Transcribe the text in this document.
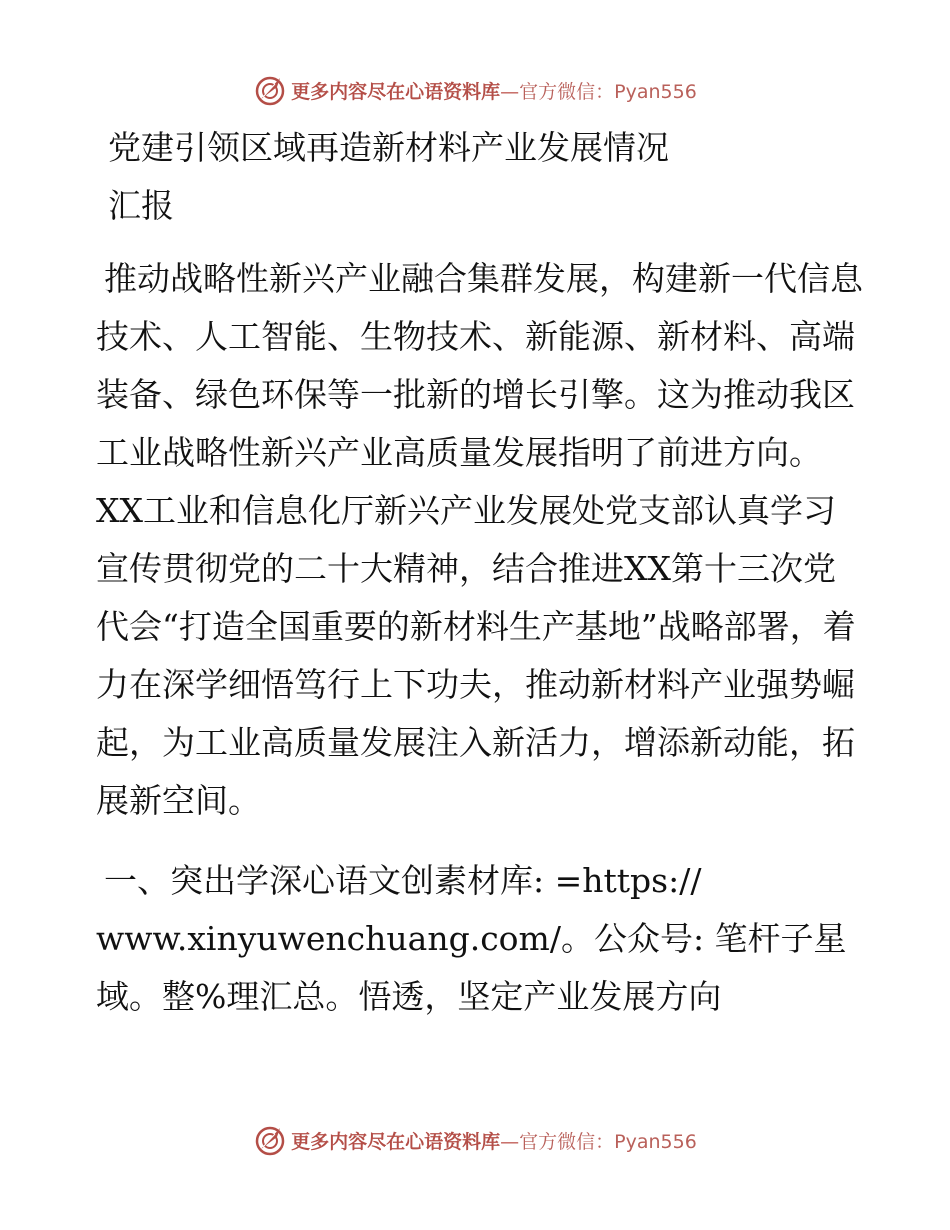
更多内容尽在心语资料库—官方微信：Pyan556
党建引领区域再造新材料产业发展情况
汇报

推动战略性新兴产业融合集群发展，构建新一代信息技术、人工智能、生物技术、新能源、新材料、高端装备、绿色环保等一批新的增长引擎。这为推动我区工业战略性新兴产业高质量发展指明了前进方向。XX工业和信息化厅新兴产业发展处党支部认真学习宣传贯彻党的二十大精神，结合推进XX第十三次党代会“打造全国重要的新材料生产基地”战略部署，着力在深学细悟笃行上下功夫，推动新材料产业强势崛起，为工业高质量发展注入新活力，增添新动能，拓展新空间。

一、突出学深心语文创素材库: =https:// www.xinyuwenchuang.com/。公众号: 笔杆子星域。整%理汇总。悟透，坚定产业发展方向

更多内容尽在心语资料库—官方微信：Pyan556
